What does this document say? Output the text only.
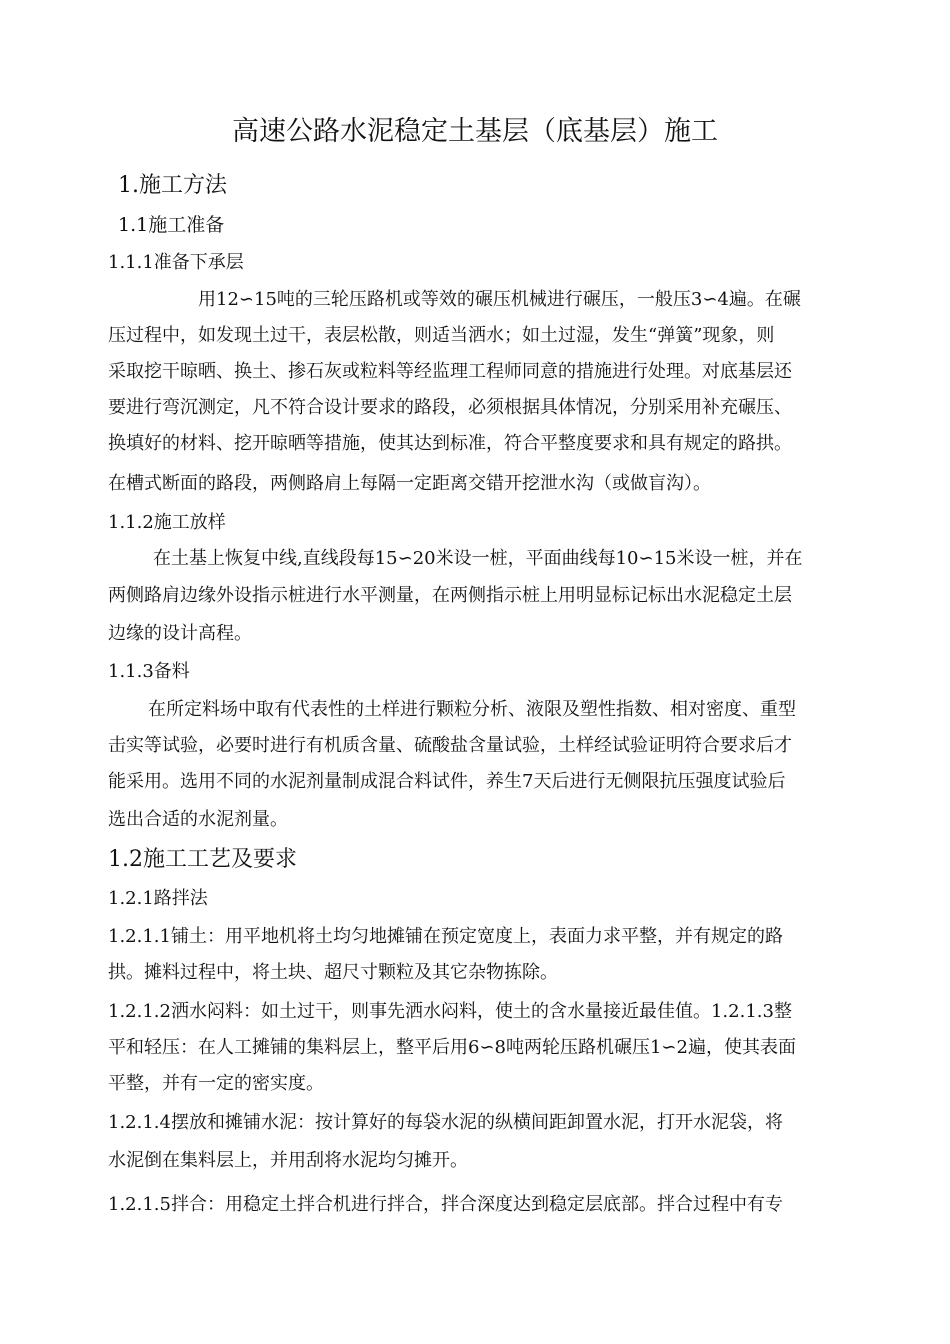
高速公路水泥稳定土基层（底基层）施工
1.施工方法
1.1施工准备
1.1.1准备下承层
用12∽15吨的三轮压路机或等效的碾压机械进行碾压，一般压3∽4遍。在碾
压过程中，如发现土过干，表层松散，则适当洒水；如土过湿，发生“弹簧”现象，则
采取挖干晾晒、换土、掺石灰或粒料等经监理工程师同意的措施进行处理。对底基层还
要进行弯沉测定，凡不符合设计要求的路段，必须根据具体情况，分别采用补充碾压、
换填好的材料、挖开晾晒等措施，使其达到标准，符合平整度要求和具有规定的路拱。
在槽式断面的路段，两侧路肩上每隔一定距离交错开挖泄水沟（或做盲沟）。
1.1.2施工放样
在土基上恢复中线,直线段每15∽20米设一桩，平面曲线每10∽15米设一桩，并在
两侧路肩边缘外设指示桩进行水平测量，在两侧指示桩上用明显标记标出水泥稳定土层
边缘的设计高程。
1.1.3备料
在所定料场中取有代表性的土样进行颗粒分析、液限及塑性指数、相对密度、重型
击实等试验，必要时进行有机质含量、硫酸盐含量试验，土样经试验证明符合要求后才
能采用。选用不同的水泥剂量制成混合料试件，养生7天后进行无侧限抗压强度试验后
选出合适的水泥剂量。
1.2施工工艺及要求
1.2.1路拌法
1.2.1.1铺土：用平地机将土均匀地摊铺在预定宽度上，表面力求平整，并有规定的路
拱。摊料过程中，将土块、超尺寸颗粒及其它杂物拣除。
1.2.1.2洒水闷料：如土过干，则事先洒水闷料，使土的含水量接近最佳值。1.2.1.3整
平和轻压：在人工摊铺的集料层上，整平后用6∽8吨两轮压路机碾压1∽2遍，使其表面
平整，并有一定的密实度。
1.2.1.4摆放和摊铺水泥：按计算好的每袋水泥的纵横间距卸置水泥，打开水泥袋，将
水泥倒在集料层上，并用刮将水泥均匀摊开。
1.2.1.5拌合：用稳定土拌合机进行拌合，拌合深度达到稳定层底部。拌合过程中有专
